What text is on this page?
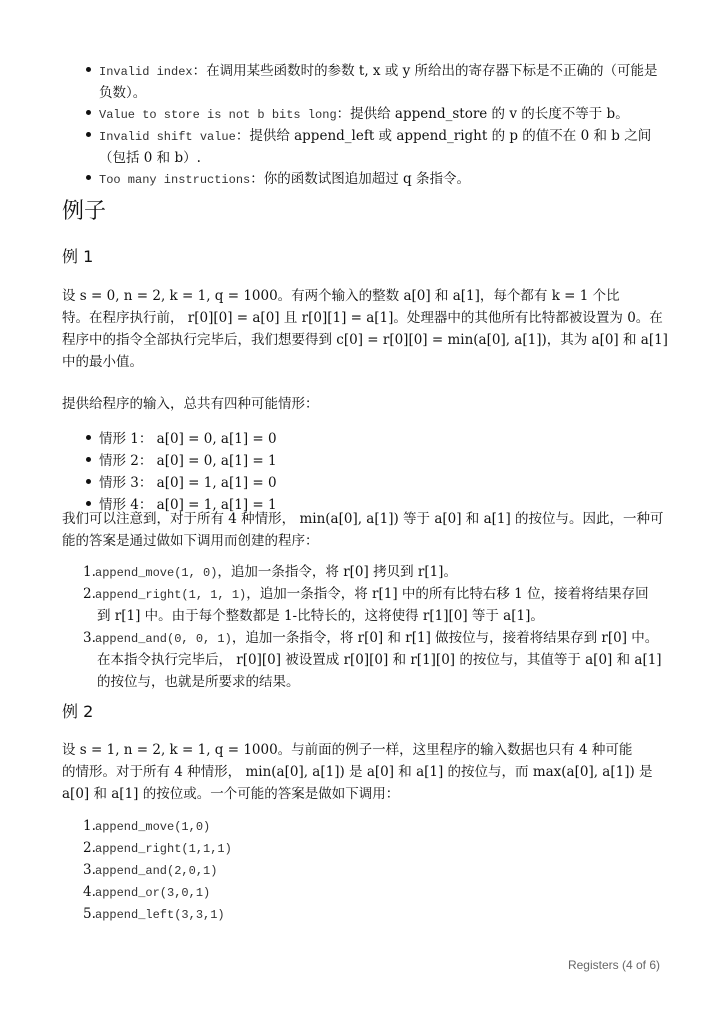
Invalid index：在调用某些函数时的参数 t, x 或 y 所给出的寄存器下标是不正确的（可能是
负数）。
Value to store is not b bits long：提供给 append_store 的 v 的长度不等于 b。
Invalid shift value：提供给 append_left 或 append_right 的 p 的值不在 0 和 b 之间
（包括 0 和 b）.
Too many instructions：你的函数试图追加超过 q 条指令。
例子
例 1
设 s = 0, n = 2, k = 1, q = 1000。有两个输入的整数 a[0] 和 a[1]，每个都有 k = 1 个比
特。在程序执行前， r[0][0] = a[0] 且 r[0][1] = a[1]。处理器中的其他所有比特都被设置为 0。在
程序中的指令全部执行完毕后，我们想要得到 c[0] = r[0][0] = min(a[0], a[1])，其为 a[0] 和 a[1]
中的最小值。
提供给程序的输入，总共有四种可能情形：
情形 1： a[0] = 0, a[1] = 0
情形 2： a[0] = 0, a[1] = 1
情形 3： a[0] = 1, a[1] = 0
情形 4： a[0] = 1, a[1] = 1
我们可以注意到，对于所有 4 种情形， min(a[0], a[1]) 等于 a[0] 和 a[1] 的按位与。因此，一种可
能的答案是通过做如下调用而创建的程序：
1.append_move(1, 0)，追加一条指令，将 r[0] 拷贝到 r[1]。
2.append_right(1, 1, 1)，追加一条指令，将 r[1] 中的所有比特右移 1 位，接着将结果存回
到 r[1] 中。由于每个整数都是 1-比特长的，这将使得 r[1][0] 等于 a[1]。
3.append_and(0, 0, 1)，追加一条指令，将 r[0] 和 r[1] 做按位与，接着将结果存到 r[0] 中。
在本指令执行完毕后， r[0][0] 被设置成 r[0][0] 和 r[1][0] 的按位与，其值等于 a[0] 和 a[1]
的按位与，也就是所要求的结果。
例 2
设 s = 1, n = 2, k = 1, q = 1000。与前面的例子一样，这里程序的输入数据也只有 4 种可能
的情形。对于所有 4 种情形， min(a[0], a[1]) 是 a[0] 和 a[1] 的按位与，而 max(a[0], a[1]) 是
a[0] 和 a[1] 的按位或。一个可能的答案是做如下调用：
1.append_move(1,0)
2.append_right(1,1,1)
3.append_and(2,0,1)
4.append_or(3,0,1)
5.append_left(3,3,1)
Registers (4 of 6)
